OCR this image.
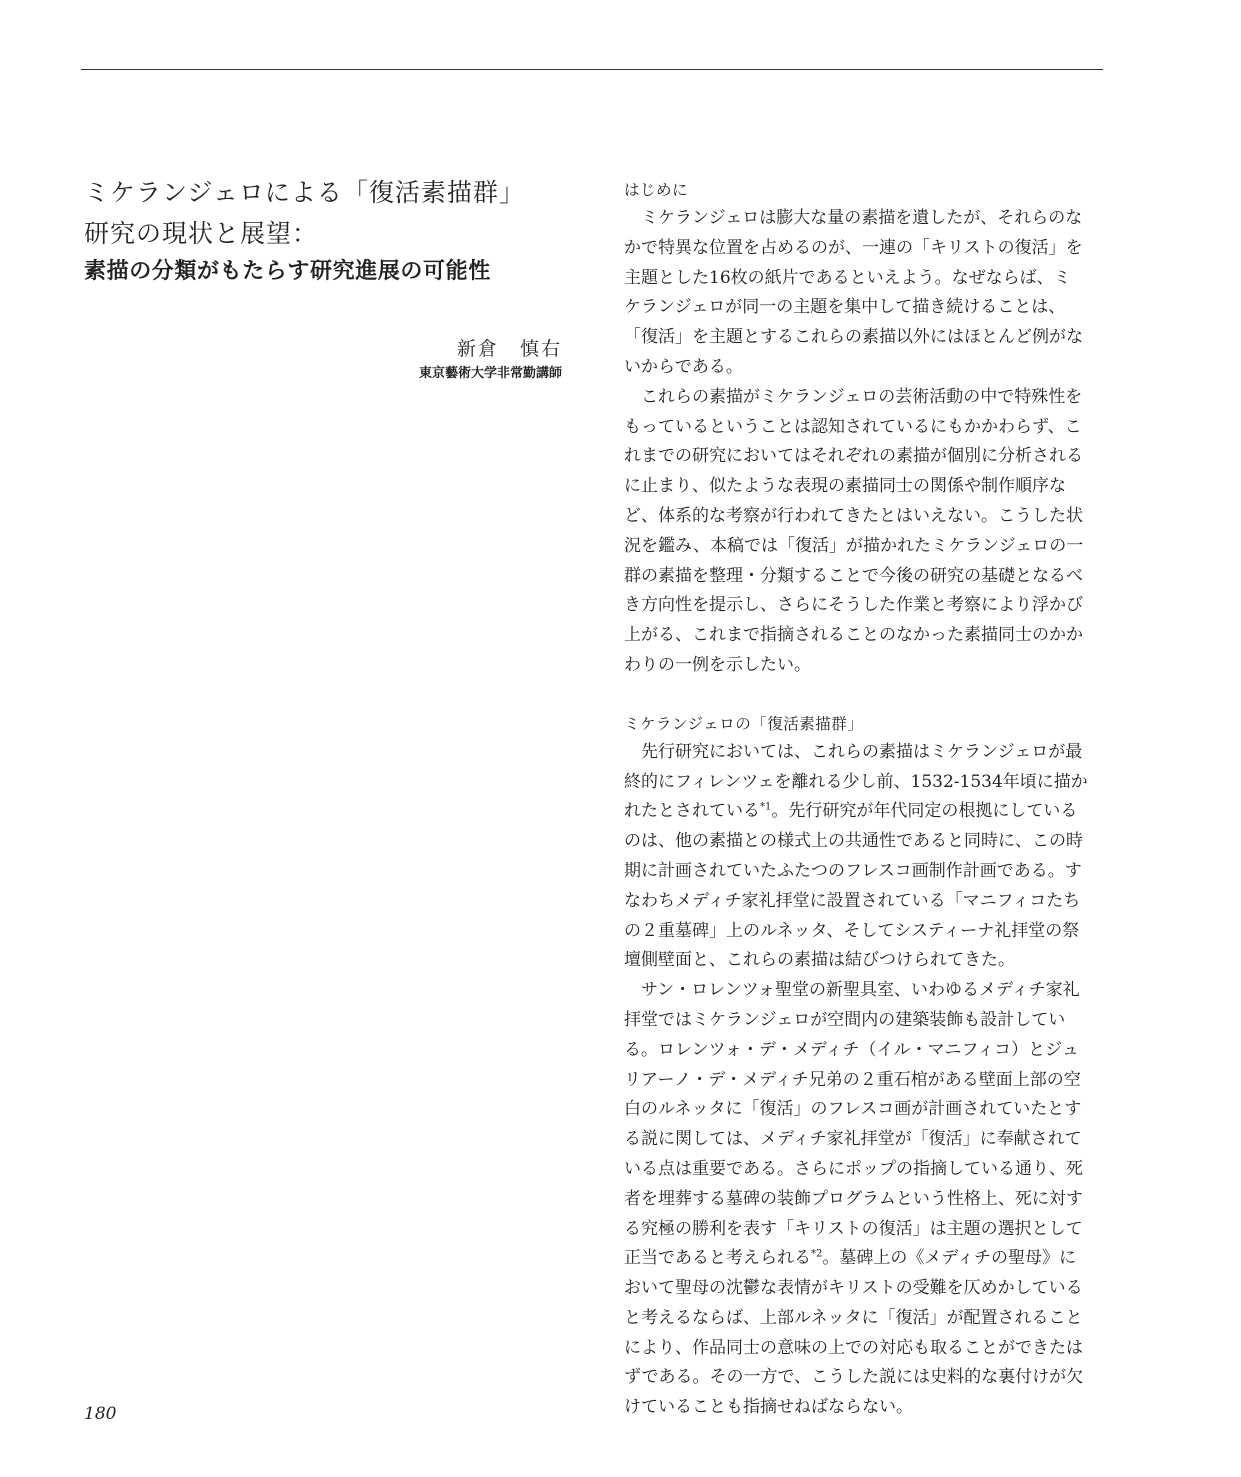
ミケランジェロによる「復活素描群」
研究の現状と展望：
素描の分類がもたらす研究進展の可能性
新倉　慎右
東京藝術大学非常勤講師

はじめに

　ミケランジェロは膨大な量の素描を遺したが、それらのな

かで特異な位置を占めるのが、一連の「キリストの復活」を

主題とした16枚の紙片であるといえよう。なぜならば、ミ

ケランジェロが同一の主題を集中して描き続けることは、

「復活」を主題とするこれらの素描以外にはほとんど例がな

いからである。

　これらの素描がミケランジェロの芸術活動の中で特殊性を

もっているということは認知されているにもかかわらず、こ

れまでの研究においてはそれぞれの素描が個別に分析される

に止まり、似たような表現の素描同士の関係や制作順序な

ど、体系的な考察が行われてきたとはいえない。こうした状

況を鑑み、本稿では「復活」が描かれたミケランジェロの一

群の素描を整理・分類することで今後の研究の基礎となるべ

き方向性を提示し、さらにそうした作業と考察により浮かび

上がる、これまで指摘されることのなかった素描同士のかか

わりの一例を示したい。

ミケランジェロの「復活素描群」

　先行研究においては、これらの素描はミケランジェロが最

終的にフィレンツェを離れる少し前、1532-1534年頃に描か

れたとされている$^{*1}$。先行研究が年代同定の根拠にしている

のは、他の素描との様式上の共通性であると同時に、この時

期に計画されていたふたつのフレスコ画制作計画である。す

なわちメディチ家礼拝堂に設置されている「マニフィコたち

の２重墓碑」上のルネッタ、そしてシスティーナ礼拝堂の祭

壇側壁面と、これらの素描は結びつけられてきた。

　サン・ロレンツォ聖堂の新聖具室、いわゆるメディチ家礼

拝堂ではミケランジェロが空間内の建築装飾も設計してい

る。ロレンツォ・デ・メディチ（イル・マニフィコ）とジュ

リアーノ・デ・メディチ兄弟の２重石棺がある壁面上部の空

白のルネッタに「復活」のフレスコ画が計画されていたとす

る説に関しては、メディチ家礼拝堂が「復活」に奉献されて

いる点は重要である。さらにポップの指摘している通り、死

者を埋葬する墓碑の装飾プログラムという性格上、死に対す

る究極の勝利を表す「キリストの復活」は主題の選択として

正当であると考えられる$^{*2}$。墓碑上の《メディチの聖母》に

おいて聖母の沈鬱な表情がキリストの受難を仄めかしている

と考えるならば、上部ルネッタに「復活」が配置されること

により、作品同士の意味の上での対応も取ることができたは

ずである。その一方で、こうした説には史料的な裏付けが欠

けていることも指摘せねばならない。

180
